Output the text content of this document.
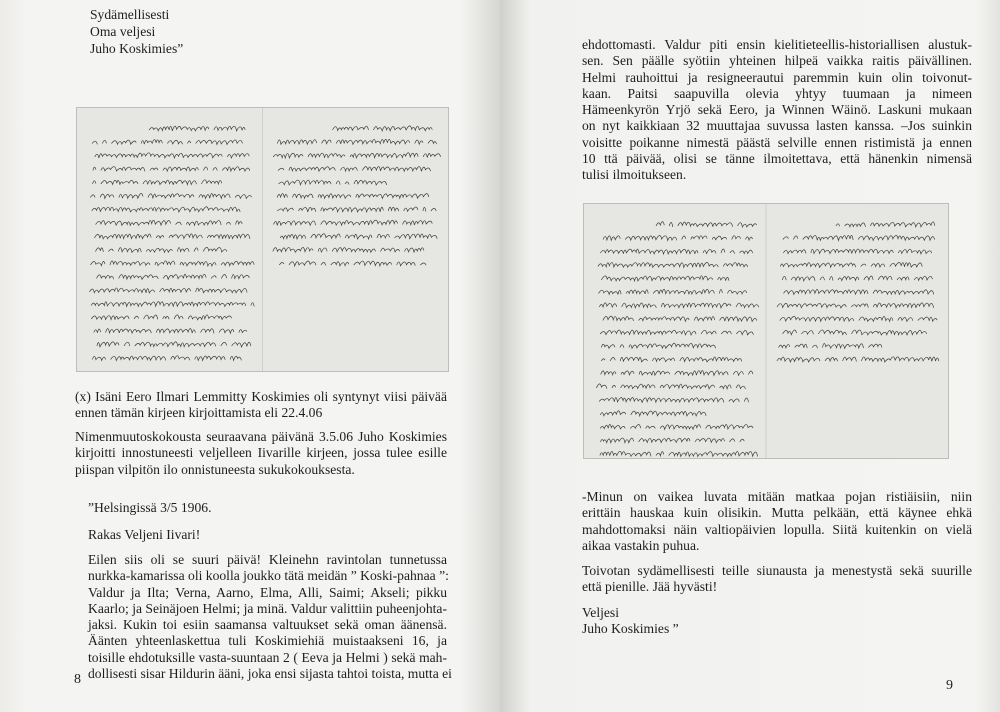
Sydämellisesti
Oma veljesi
Juho Koskimies”
(x) Isäni Eero Ilmari Lemmitty Koskimies oli syntynyt viisi päivää
ennen tämän kirjeen kirjoittamista eli 22.4.06
Nimenmuutoskokousta seuraavana päivänä 3.5.06 Juho Koskimies
kirjoitti innostuneesti veljelleen Iivarille kirjeen, jossa tulee esille
piispan vilpitön ilo onnistuneesta sukukokouksesta.
”Helsingissä 3/5 1906.
Rakas Veljeni Iivari!
Eilen siis oli se suuri päivä! Kleinehn ravintolan tunnetussa
nurkka-kamarissa oli koolla joukko tätä meidän ” Koski-pahnaa ”:
Valdur ja Ilta; Verna, Aarno, Elma, Alli, Saimi; Akseli; pikku
Kaarlo; ja Seinäjoen Helmi; ja minä. Valdur valittiin puheenjohta-
jaksi. Kukin toi esiin saamansa valtuukset sekä oman äänensä.
Äänten yhteenlaskettua tuli Koskimiehiä muistaakseni 16, ja
toisille ehdotuksille vasta-suuntaan 2 ( Eeva ja Helmi ) sekä mah-
dollisesti sisar Hildurin ääni, joka ensi sijasta tahtoi toista, mutta ei
8
ehdottomasti. Valdur piti ensin kielitieteellis-historiallisen alustuk-
sen. Sen päälle syötiin yhteinen hilpeä vaikka raitis päivällinen.
Helmi rauhoittui ja resigneerautui paremmin kuin olin toivonut-
kaan. Paitsi saapuvilla olevia yhtyy tuumaan ja nimeen
Hämeenkyrön Yrjö sekä Eero, ja Winnen Wäinö. Laskuni mukaan
on nyt kaikkiaan 32 muuttajaa suvussa lasten kanssa. –Jos suinkin
voisitte poikanne nimestä päästä selville ennen ristimistä ja ennen
10 ttä päivää, olisi se tänne ilmoitettava, että hänenkin nimensä
tulisi ilmoitukseen.
-Minun on vaikea luvata mitään matkaa pojan ristiäisiin, niin
erittäin hauskaa kuin olisikin. Mutta pelkään, että käynee ehkä
mahdottomaksi näin valtiopäivien lopulla. Siitä kuitenkin on vielä
aikaa vastakin puhua.
Toivotan sydämellisesti teille siunausta ja menestystä sekä suurille
että pienille. Jää hyvästi!
Veljesi
Juho Koskimies ”
9
